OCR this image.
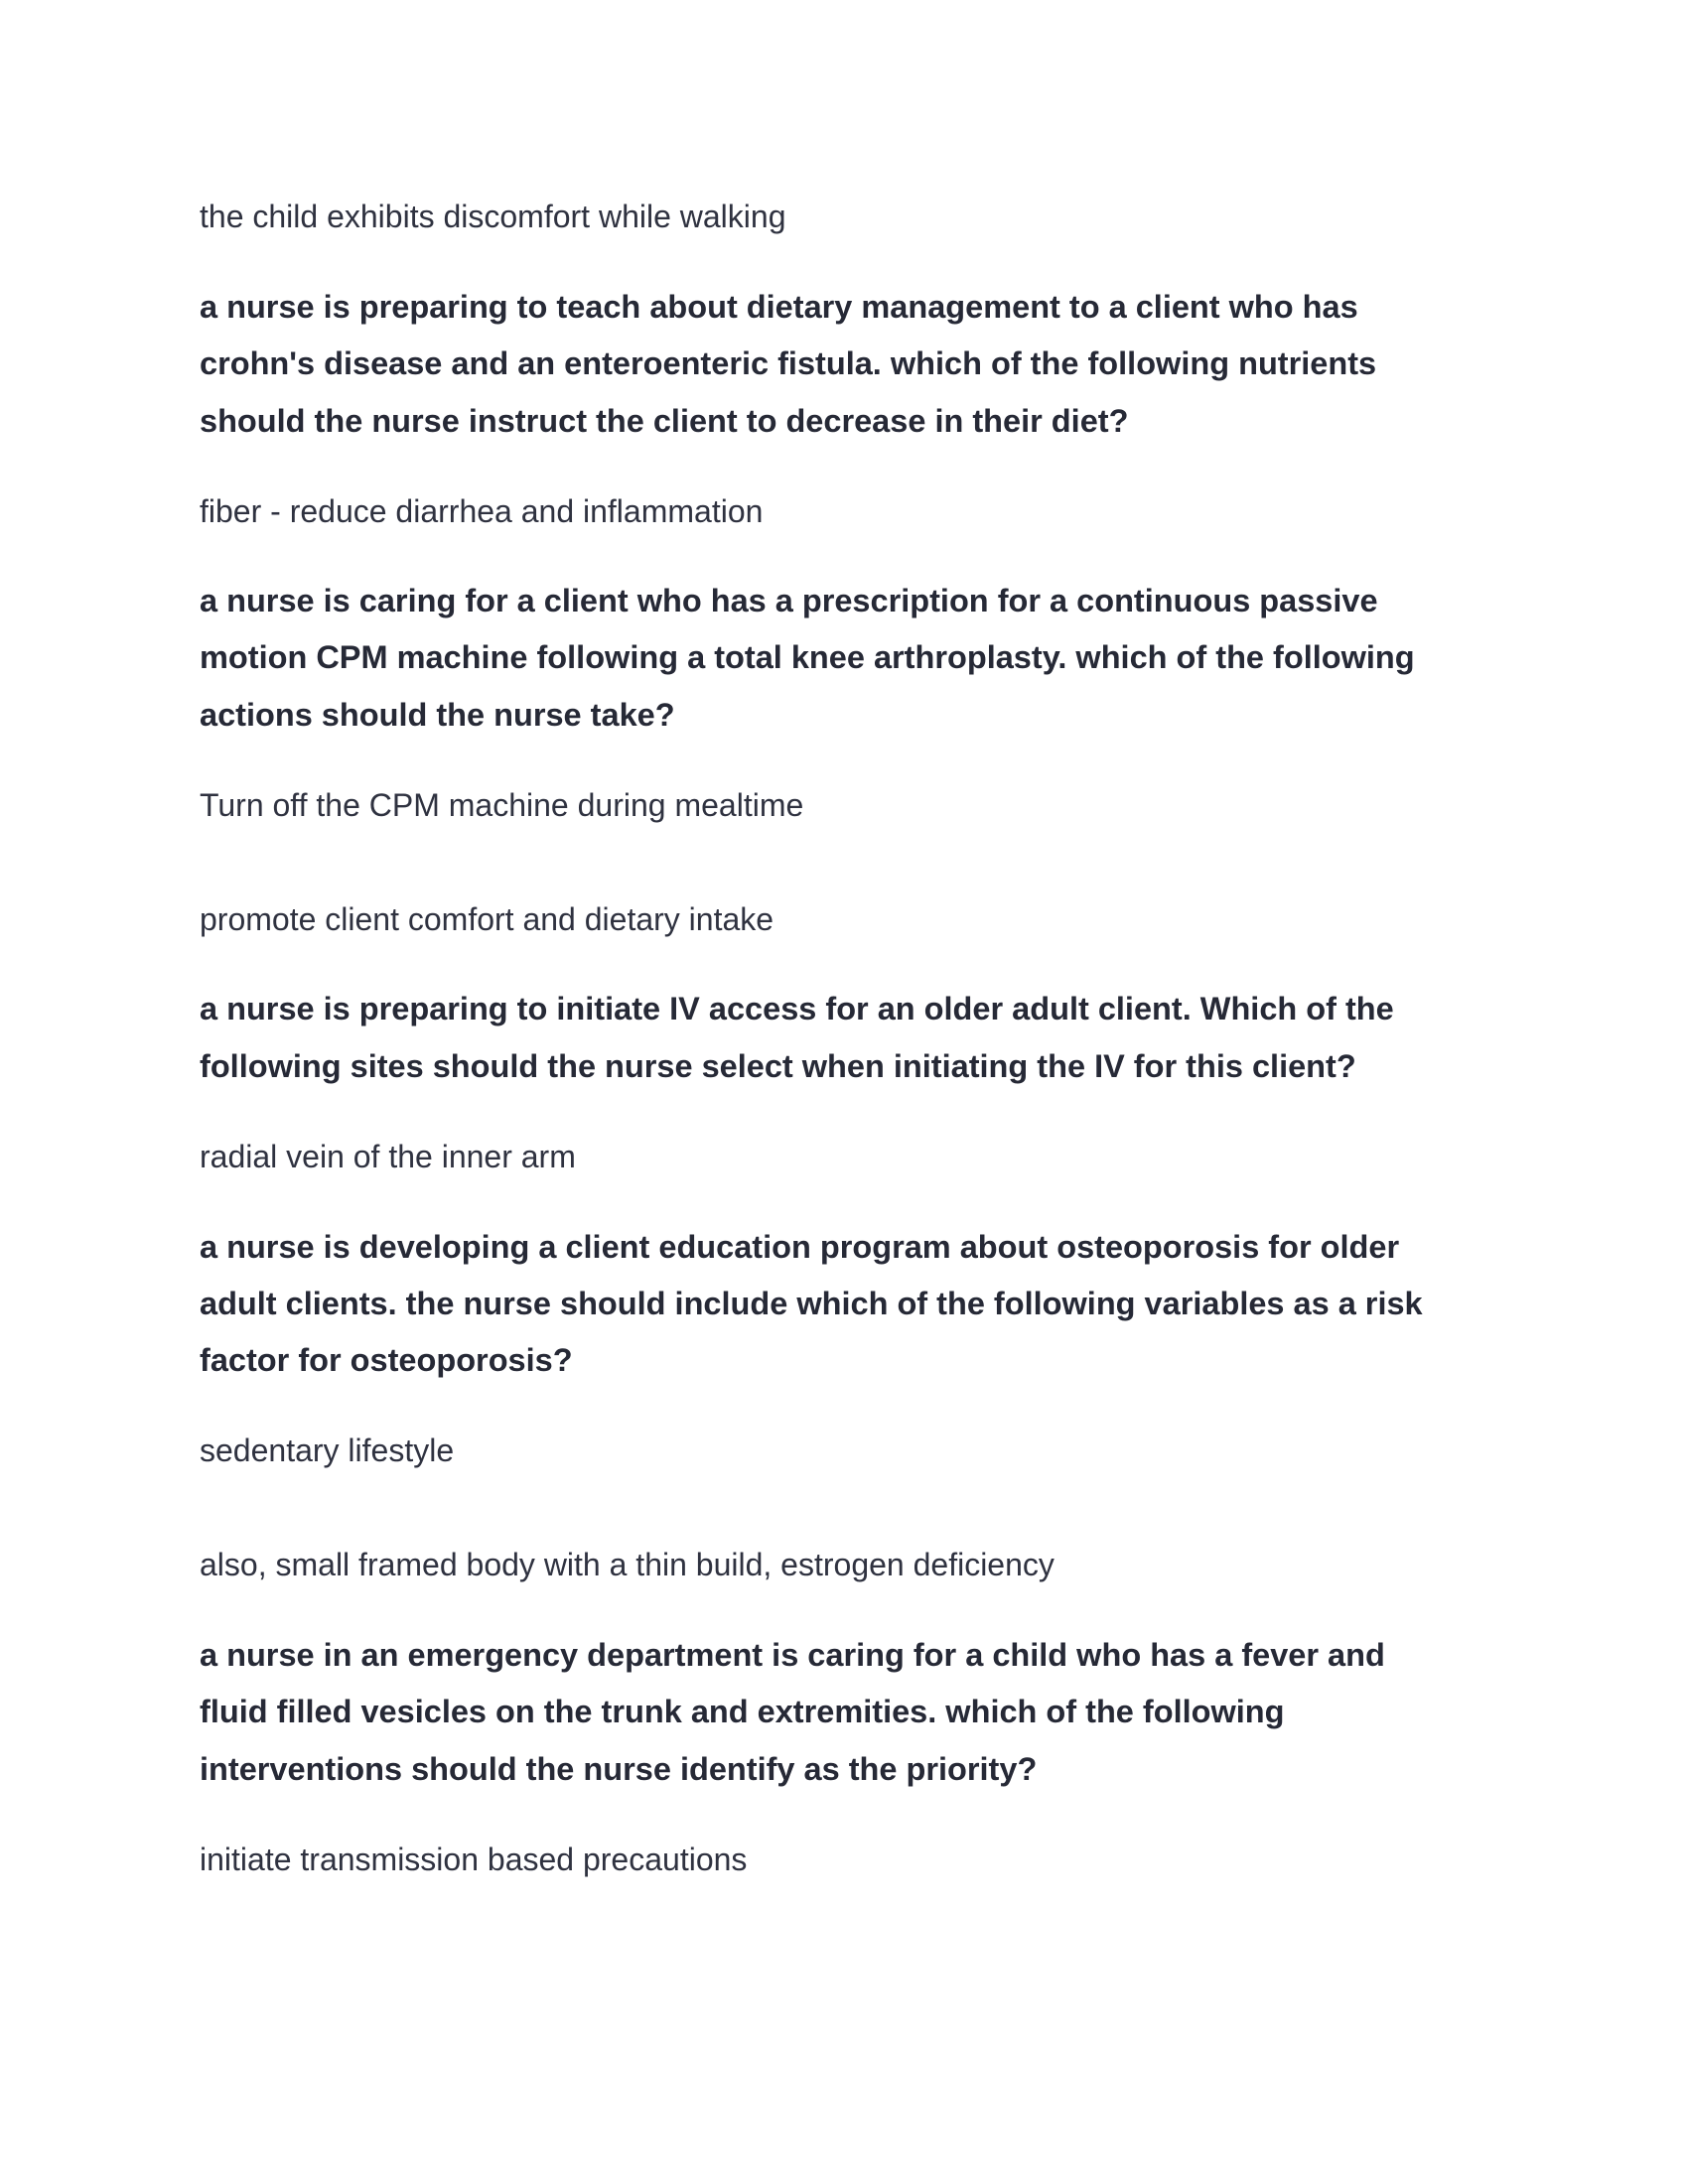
the child exhibits discomfort while walking

a nurse is preparing to teach about dietary management to a client who has

crohn's disease and an enteroenteric fistula. which of the following nutrients

should the nurse instruct the client to decrease in their diet?

fiber - reduce diarrhea and inflammation

a nurse is caring for a client who has a prescription for a continuous passive

motion CPM machine following a total knee arthroplasty. which of the following

actions should the nurse take?

Turn off the CPM machine during mealtime

promote client comfort and dietary intake

a nurse is preparing to initiate IV access for an older adult client. Which of the

following sites should the nurse select when initiating the IV for this client?

radial vein of the inner arm

a nurse is developing a client education program about osteoporosis for older

adult clients. the nurse should include which of the following variables as a risk

factor for osteoporosis?

sedentary lifestyle

also, small framed body with a thin build, estrogen deficiency

a nurse in an emergency department is caring for a child who has a fever and

fluid filled vesicles on the trunk and extremities. which of the following

interventions should the nurse identify as the priority?

initiate transmission based precautions
